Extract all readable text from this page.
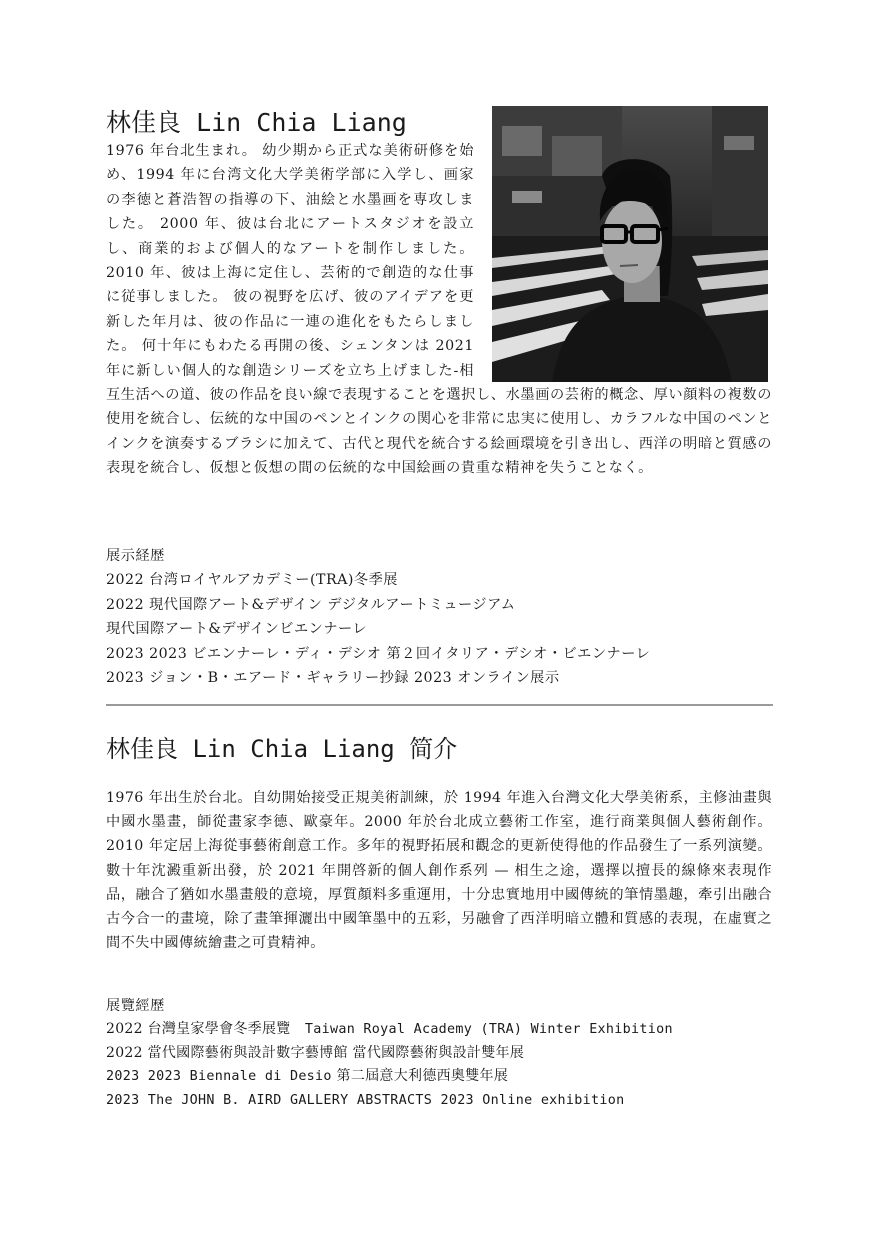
林佳良 Lin Chia Liang

1976 年台北生まれ。 幼少期から正式な美術研修を始め、1994 年に台湾文化大学美術学部に入学し、画家の李徳と蒼浩智の指導の下、油絵と水墨画を専攻しました。 2000 年、彼は台北にアートスタジオを設立し、商業的および個人的なアートを制作しました。 2010 年、彼は上海に定住し、芸術的で創造的な仕事に従事しました。 彼の視野を広げ、彼のアイデアを更新した年月は、彼の作品に一連の進化をもたらしました。 何十年にもわたる再開の後、シェンタンは 2021 年に新しい個人的な創造シリーズを立ち上げました-相互生活への道、彼の作品を良い線で表現することを選択し、水墨画の芸術的概念、厚い顔料の複数の使用を統合し、伝統的な中国のペンとインクの関心を非常に忠実に使用し、カラフルな中国のペンとインクを演奏するブラシに加えて、古代と現代を統合する絵画環境を引き出し、西洋の明暗と質感の表現を統合し、仮想と仮想の間の伝統的な中国絵画の貴重な精神を失うことなく。

展示経歴
2022 台湾ロイヤルアカデミー(TRA)冬季展
2022 現代国際アート&デザイン デジタルアートミュージアム
現代国際アート&デザインビエンナーレ
2023 2023 ビエンナーレ・ディ・デシオ 第２回イタリア・デシオ・ビエンナーレ
2023 ジョン・B・エアード・ギャラリー抄録 2023 オンライン展示
林佳良 Lin Chia Liang 简介

1976 年出生於台北。自幼開始接受正規美術訓練，於 1994 年進入台灣文化大學美術系，主修油畫與中國水墨畫，師從畫家李德、歐豪年。2000 年於台北成立藝術工作室，進行商業與個人藝術創作。2010 年定居上海從事藝術創意工作。多年的視野拓展和觀念的更新使得他的作品發生了一系列演變。數十年沈澱重新出發，於 2021 年開啓新的個人創作系列 — 相生之途，選擇以擅長的線條來表現作品，融合了猶如水墨畫般的意境，厚質顏料多重運用，十分忠實地用中國傳統的筆情墨趣，牽引出融合古今合一的畫境，除了畫筆揮灑出中國筆墨中的五彩，另融會了西洋明暗立體和質感的表現，在虛實之間不失中國傳統繪畫之可貴精神。

展覽經歷
2022 台灣皇家學會冬季展覽　Taiwan Royal Academy (TRA) Winter Exhibition
2022 當代國際藝術與設計數字藝博館 當代國際藝術與設計雙年展
2023 2023 Biennale di Desio 第二屆意大利德西奧雙年展
2023 The JOHN B. AIRD GALLERY ABSTRACTS 2023 Online exhibition
